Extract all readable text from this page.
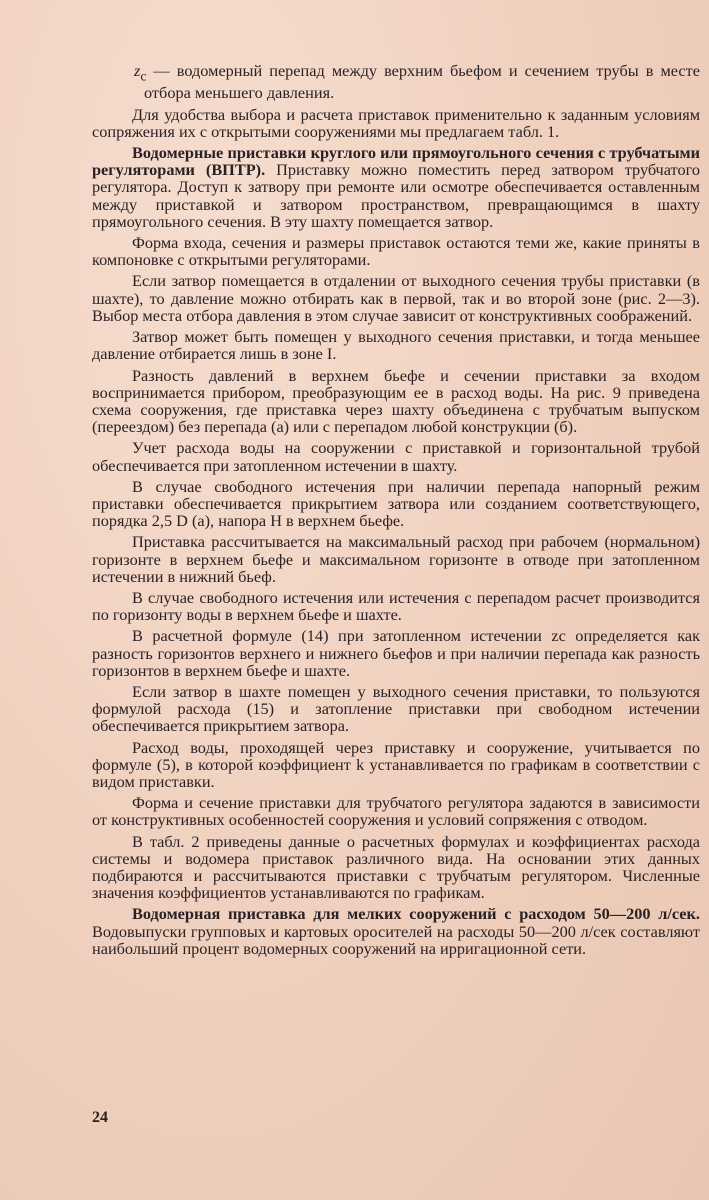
$z_c$ — водомерный перепад между верхним бьефом и сечением трубы в месте отбора меньшего давления.

Для удобства выбора и расчета приставок применительно к заданным условиям сопряжения их с открытыми сооружениями мы предлагаем табл. 1.

Водомерные приставки круглого или прямоугольного сечения с трубчатыми регуляторами (ВПТР). Приставку можно поместить перед затвором трубчатого регулятора. Доступ к затвору при ремонте или осмотре обеспечивается оставленным между приставкой и затвором пространством, превращающимся в шахту прямоугольного сечения. В эту шахту помещается затвор.

Форма входа, сечения и размеры приставок остаются теми же, какие приняты в компоновке с открытыми регуляторами.

Если затвор помещается в отдалении от выходного сечения трубы приставки (в шахте), то давление можно отбирать как в первой, так и во второй зоне (рис. 2—3). Выбор места отбора давления в этом случае зависит от конструктивных соображений.

Затвор может быть помещен у выходного сечения приставки, и тогда меньшее давление отбирается лишь в зоне I.

Разность давлений в верхнем бьефе и сечении приставки за входом воспринимается прибором, преобразующим ее в расход воды. На рис. 9 приведена схема сооружения, где приставка через шахту объединена с трубчатым выпуском (переездом) без перепада (а) или с перепадом любой конструкции (б).

Учет расхода воды на сооружении с приставкой и горизонтальной трубой обеспечивается при затопленном истечении в шахту.

В случае свободного истечения при наличии перепада напорный режим приставки обеспечивается прикрытием затвора или созданием соответствующего, порядка 2,5 D (а), напора H в верхнем бьефе.

Приставка рассчитывается на максимальный расход при рабочем (нормальном) горизонте в верхнем бьефе и максимальном горизонте в отводе при затопленном истечении в нижний бьеф.

В случае свободного истечения или истечения с перепадом расчет производится по горизонту воды в верхнем бьефе и шахте.

В расчетной формуле (14) при затопленном истечении zc определяется как разность горизонтов верхнего и нижнего бьефов и при наличии перепада как разность горизонтов в верхнем бьефе и шахте.

Если затвор в шахте помещен у выходного сечения приставки, то пользуются формулой расхода (15) и затопление приставки при свободном истечении обеспечивается прикрытием затвора.

Расход воды, проходящей через приставку и сооружение, учитывается по формуле (5), в которой коэффициент k устанавливается по графикам в соответствии с видом приставки.

Форма и сечение приставки для трубчатого регулятора задаются в зависимости от конструктивных особенностей сооружения и условий сопряжения с отводом.

В табл. 2 приведены данные о расчетных формулах и коэффициентах расхода системы и водомера приставок различного вида. На основании этих данных подбираются и рассчитываются приставки с трубчатым регулятором. Численные значения коэффициентов устанавливаются по графикам.

Водомерная приставка для мелких сооружений с расходом 50—200 л/сек. Водовыпуски групповых и картовых оросителей на расходы 50—200 л/сек составляют наибольший процент водомерных сооружений на ирригационной сети.

24
